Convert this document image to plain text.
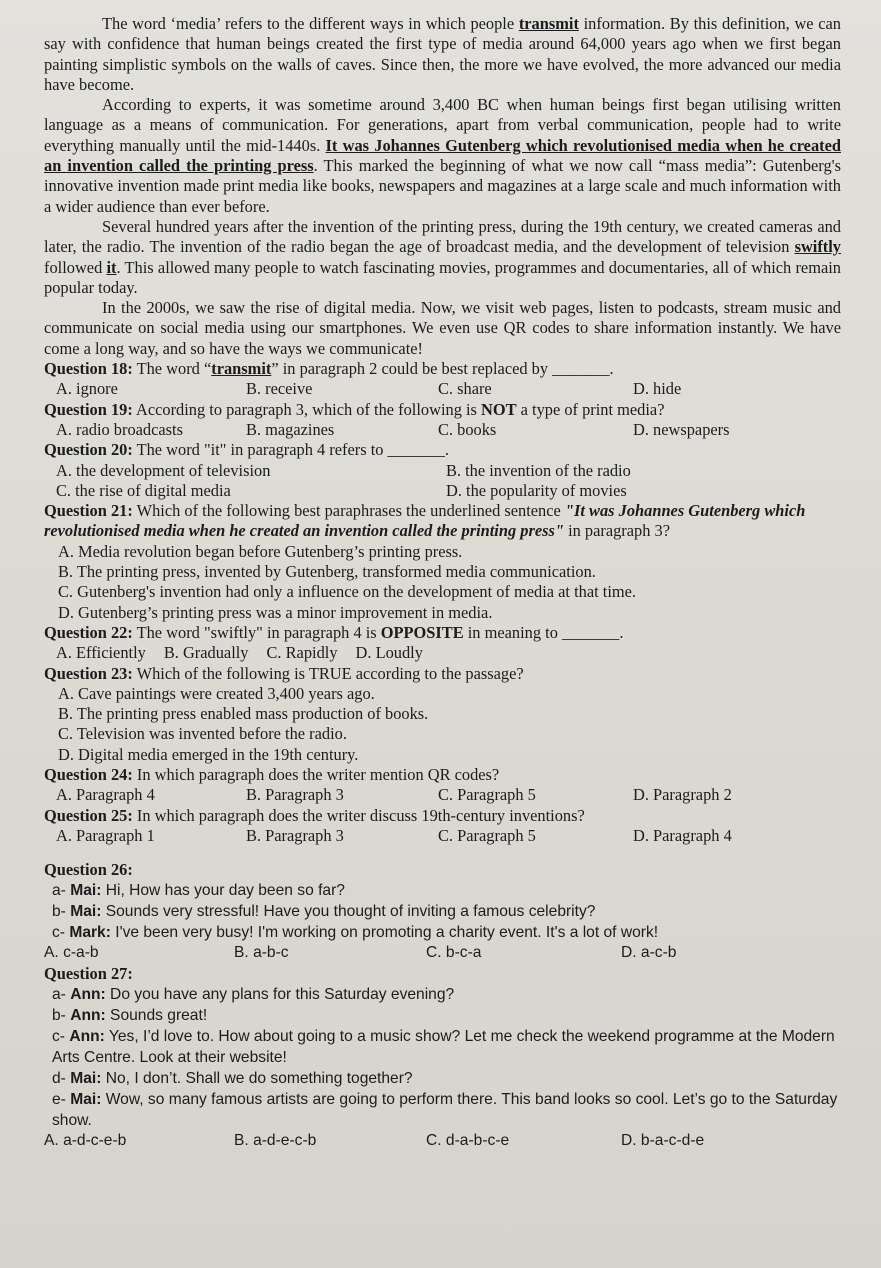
The word ‘media’ refers to the different ways in which people transmit information. By this definition, we can say with confidence that human beings created the first type of media around 64,000 years ago when we first began painting simplistic symbols on the walls of caves. Since then, the more we have evolved, the more advanced our media have become.

According to experts, it was sometime around 3,400 BC when human beings first began utilising written language as a means of communication. For generations, apart from verbal communication, people had to write everything manually until the mid-1440s. It was Johannes Gutenberg which revolutionised media when he created an invention called the printing press. This marked the beginning of what we now call “mass media”: Gutenberg's innovative invention made print media like books, newspapers and magazines at a large scale and much information with a wider audience than ever before.

Several hundred years after the invention of the printing press, during the 19th century, we created cameras and later, the radio. The invention of the radio began the age of broadcast media, and the development of television swiftly followed it. This allowed many people to watch fascinating movies, programmes and documentaries, all of which remain popular today.

In the 2000s, we saw the rise of digital media. Now, we visit web pages, listen to podcasts, stream music and communicate on social media using our smartphones. We even use QR codes to share information instantly. We have come a long way, and so have the ways we communicate!

Question 18: The word “transmit” in paragraph 2 could be best replaced by _______.

A. ignore	B. receive	C. share	D. hide

Question 19: According to paragraph 3, which of the following is NOT a type of print media?

A. radio broadcasts	B. magazines	C. books	D. newspapers

Question 20: The word "it" in paragraph 4 refers to _______.

A. the development of television	B. the invention of the radio
C. the rise of digital media	D. the popularity of movies

Question 21: Which of the following best paraphrases the underlined sentence "It was Johannes Gutenberg which revolutionised media when he created an invention called the printing press" in paragraph 3?

A. Media revolution began before Gutenberg’s printing press.
B. The printing press, invented by Gutenberg, transformed media communication.
C. Gutenberg's invention had only a influence on the development of media at that time.
D. Gutenberg’s printing press was a minor improvement in media.

Question 22: The word "swiftly" in paragraph 4 is OPPOSITE in meaning to _______.

A. Efficiently B. Gradually C. Rapidly D. Loudly

Question 23: Which of the following is TRUE according to the passage?

A. Cave paintings were created 3,400 years ago.
B. The printing press enabled mass production of books.
C. Television was invented before the radio.
D. Digital media emerged in the 19th century.

Question 24: In which paragraph does the writer mention QR codes?

A. Paragraph 4	B. Paragraph 3	C. Paragraph 5	D. Paragraph 2

Question 25: In which paragraph does the writer discuss 19th-century inventions?

A. Paragraph 1	B. Paragraph 3	C. Paragraph 5	D. Paragraph 4

Question 26:

a- Mai: Hi, How has your day been so far?
b- Mai: Sounds very stressful! Have you thought of inviting a famous celebrity?
c- Mark: I've been very busy! I'm working on promoting a charity event. It's a lot of work!
A. c-a-b	B. a-b-c	C. b-c-a	D. a-c-b

Question 27:

a- Ann: Do you have any plans for this Saturday evening?
b- Ann: Sounds great!
c- Ann: Yes, I’d love to. How about going to a music show? Let me check the weekend programme at the Modern Arts Centre. Look at their website!
d- Mai: No, I don’t. Shall we do something together?
e- Mai: Wow, so many famous artists are going to perform there. This band looks so cool. Let’s go to the Saturday show.
A. a-d-c-e-b	B. a-d-e-c-b	C. d-a-b-c-e	D. b-a-c-d-e
